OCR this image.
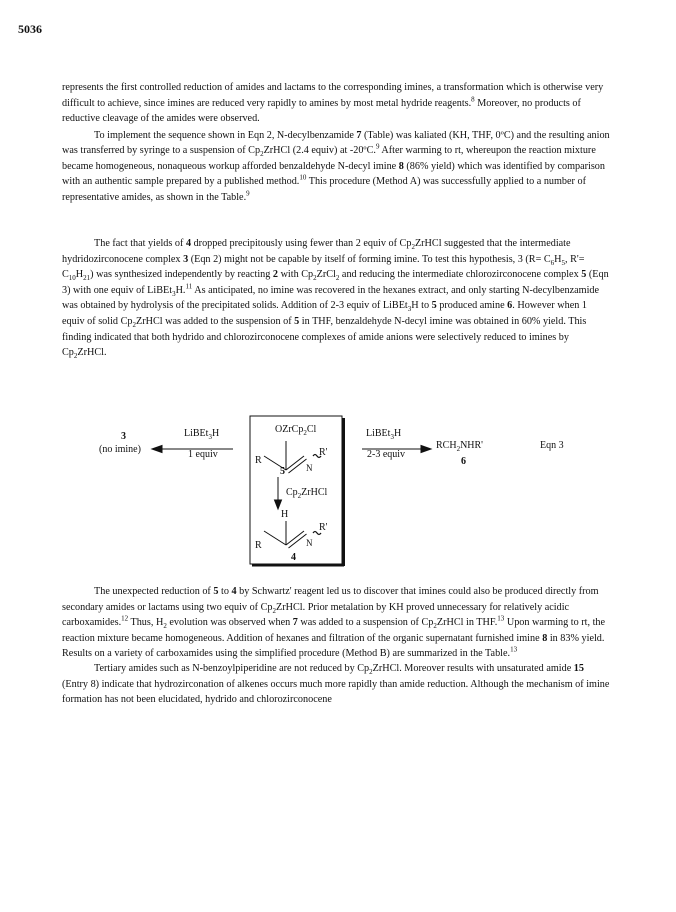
5036

represents the first controlled reduction of amides and lactams to the corresponding imines, a transformation which is otherwise very difficult to achieve, since imines are reduced very rapidly to amines by most metal hydride reagents.$^8$ Moreover, no products of reductive cleavage of the amides were observed.

To implement the sequence shown in Eqn 2, N-decylbenzamide 7 (Table) was kaliated (KH, THF, 0ºC) and the resulting anion was transferred by syringe to a suspension of $Cp_2ZrHCl$ (2.4 equiv) at -20ºC.$^9$ After warming to rt, whereupon the reaction mixture became homogeneous, nonaqueous workup afforded benzaldehyde N-decyl imine 8 (86% yield) which was identified by comparison with an authentic sample prepared by a published method.$^{10}$ This procedure (Method A) was successfully applied to a number of representative amides, as shown in the Table.$^9$

The fact that yields of 4 dropped precipitously using fewer than 2 equiv of $Cp_2ZrHCl$ suggested that the intermediate hydridozirconocene complex 3 (Eqn 2) might not be capable by itself of forming imine. To test this hypothesis, 3 ($R= C_6H_5$, $R'= C_{10}H_{21}$) was synthesized independently by reacting 2 with $Cp_2ZrCl_2$ and reducing the intermediate chlorozirconocene complex 5 (Eqn 3) with one equiv of LiBEt$_3$H.$^{11}$ As anticipated, no imine was recovered in the hexanes extract, and only starting N-decylbenzamide was obtained by hydrolysis of the precipitated solids. Addition of 2-3 equiv of LiBEt$_3$H to 5 produced amine 6. However when 1 equiv of solid $Cp_2ZrHCl$ was added to the suspension of 5 in THF, benzaldehyde N-decyl imine was obtained in 60% yield. This finding indicated that both hydrido and chlorozirconocene complexes of amide anions were selectively reduced to imines by $Cp_2ZrHCl$.

3
(no imine)
LiBEt$_3$H
1 equiv
OZrCp$_2$Cl
R
N
R'
5
$Cp_2ZrHCl$
H
R	N
R'
4
LiBEt$_3$H
2-3 equiv
$RCH_2NHR'$
6
Eqn 3

The unexpected reduction of 5 to 4 by Schwartz' reagent led us to discover that imines could also be produced directly from secondary amides or lactams using two equiv of $Cp_2ZrHCl$. Prior metalation by KH proved unnecessary for relatively acidic carboxamides.$^{12}$ Thus, $H_2$ evolution was observed when 7 was added to a suspension of $Cp_2ZrHCl$ in THF.$^{13}$ Upon warming to rt, the reaction mixture became homogeneous. Addition of hexanes and filtration of the organic supernatant furnished imine 8 in 83% yield. Results on a variety of carboxamides using the simplified procedure (Method B) are summarized in the Table.$^{13}$

Tertiary amides such as N-benzoylpiperidine are not reduced by $Cp_2ZrHCl$. Moreover results with unsaturated amide 15 (Entry 8) indicate that hydrozirconation of alkenes occurs much more rapidly than amide reduction. Although the mechanism of imine formation has not been elucidated, hydrido and chlorozirconocene
